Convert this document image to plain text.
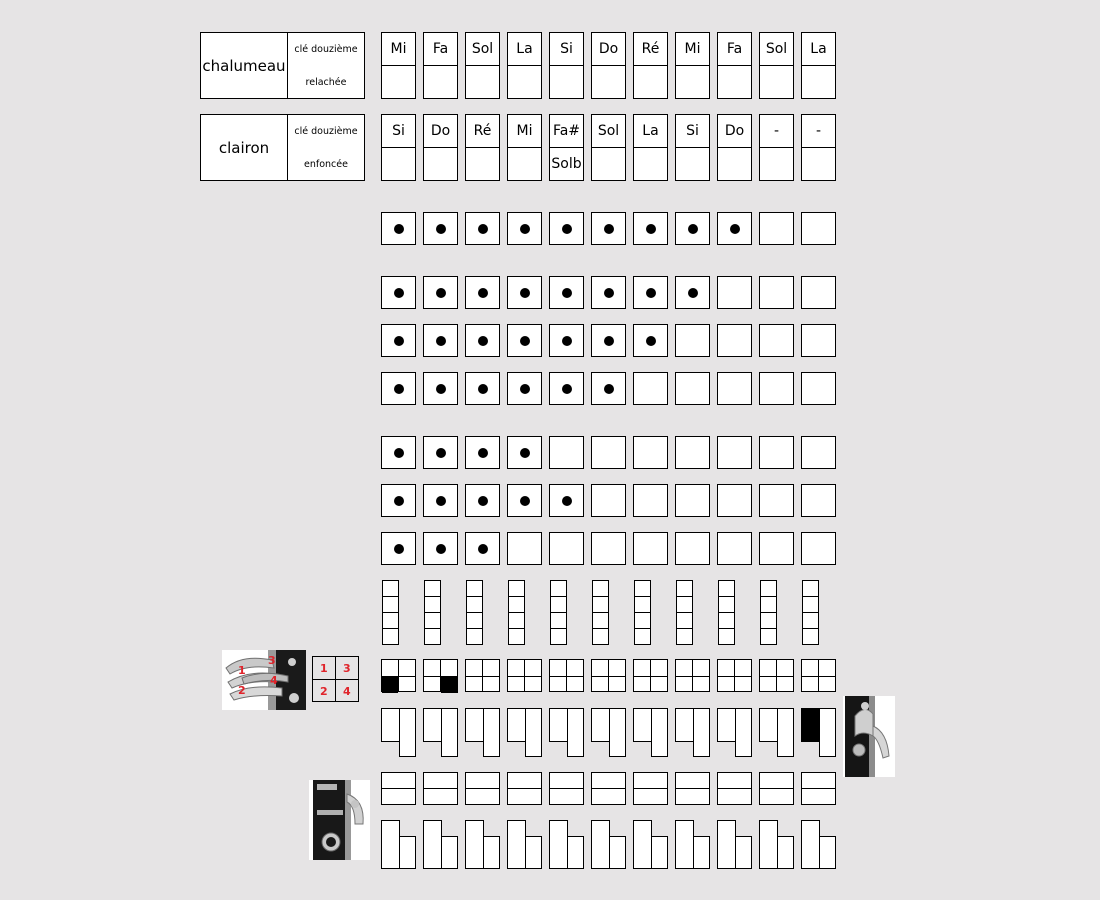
chalumeau
clé douzième
relachée
clairon
clé douzième
enfoncée
Mi
Si
Fa
Do
Sol
Ré
La
Mi
Si
Fa#
Solb
Do
Sol
Ré
La
Mi
Si
Fa
Do
Sol
-
La
-
1
2
3
4
1
2
3
4
